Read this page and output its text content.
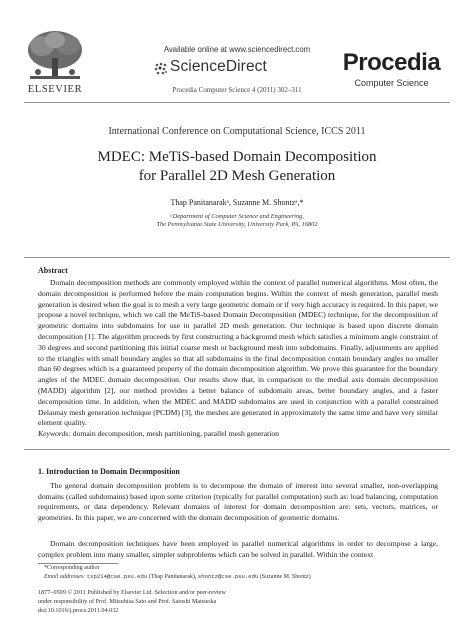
ELSEVIER
Available online at www.sciencedirect.com
ScienceDirect
Procedia Computer Science 4 (2011) 302–311
Procedia
Computer Science
International Conference on Computational Science, ICCS 2011
MDEC: MeTiS-based Domain Decomposition
for Parallel 2D Mesh Generation
Thap Panitanarakᵃ, Suzanne M. Shontzᵃ,*
ᵃDepartment of Computer Science and Engineering,
The Pennsylvania State University, University Park, PA, 16802
Abstract
Domain decomposition methods are commonly employed within the context of parallel numerical algorithms. Most often, the domain decomposition is performed before the main computation begins. Within the context of mesh generation, parallel mesh generation is desired when the goal is to mesh a very large geometric domain or if very high accuracy is required. In this paper, we propose a novel technique, which we call the MeTiS-based Domain Decomposition (MDEC) technique, for the decomposition of geometric domains into subdomains for use in parallel 2D mesh generation. Our technique is based upon discrete domain decomposition [1]. The algorithm proceeds by first constructing a background mesh which satisfies a minimum angle constraint of 30 degrees and second partitioning this initial coarse mesh or background mesh into subdomains. Finally, adjustments are applied to the triangles with small boundary angles so that all subdomains in the final decomposition contain boundary angles no smaller than 60 degrees which is a guaranteed property of the domain decomposition algorithm. We prove this guarantee for the boundary angles of the MDEC domain decomposition. Our results show that, in comparison to the medial axis domain decomposition (MADD) algorithm [2], our method provides a better balance of subdomain areas, better boundary angles, and a faster decomposition time. In addition, when the MDEC and MADD subdomains are used in conjunction with a parallel constrained Delaunay mesh generation technique (PCDM) [3], the meshes are generated in approximately the same time and have very similar element quality.
Keywords: domain decomposition, mesh partitioning, parallel mesh generation
1. Introduction to Domain Decomposition
The general domain decomposition problem is to decompose the domain of interest into several smaller, non-overlapping domains (called subdomains) based upon some criterion (typically for parallel computation) such as: load balancing, computation requirements, or data dependency. Relevant domains of interest for domain decomposition are: sets, vectors, matrices, or geometries. In this paper, we are concerned with the domain decomposition of geometric domains.
Domain decomposition techniques have been employed in parallel numerical algorithms in order to decompose a large, complex problem into many smaller, simpler subproblems which can be solved in parallel. Within the context
*Corresponding author
Email addresses: txp214@cse.psu.edu (Thap Panitanarak), shontz@cse.psu.edu (Suzanne M. Shontz)
1877–0509 © 2011 Published by Elsevier Ltd. Selection and/or peer-review
under responsibility of Prof. Mitsuhisa Sato and Prof. Satoshi Matsuoka
doi:10.1016/j.procs.2011.04.032
